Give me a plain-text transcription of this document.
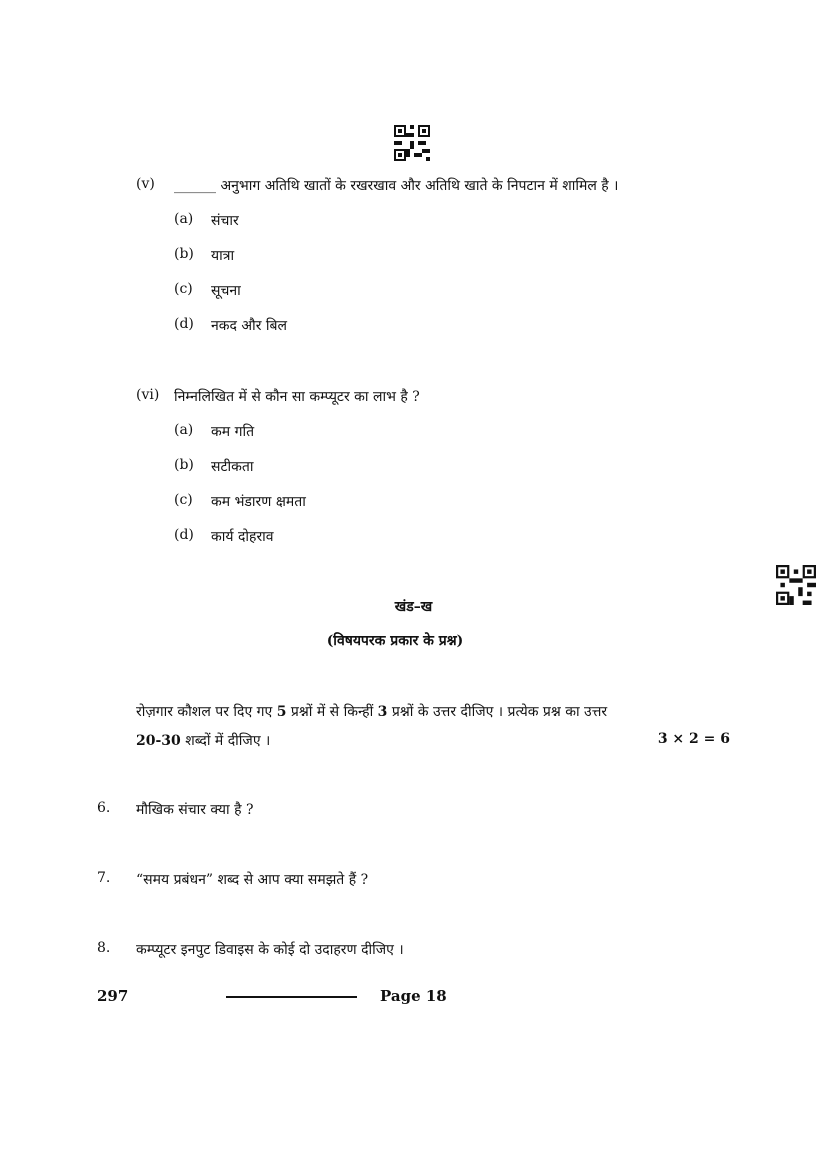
(v) ______ अनुभाग अतिथि खातों के रखरखाव और अतिथि खाते के निपटान में शामिल है ।
(a) संचार
(b) यात्रा
(c) सूचना
(d) नकद और बिल
(vi) निम्नलिखित में से कौन सा कम्प्यूटर का लाभ है ?
(a) कम गति
(b) सटीकता
(c) कम भंडारण क्षमता
(d) कार्य दोहराव
खंड–ख
(विषयपरक प्रकार के प्रश्न)
रोज़गार कौशल पर दिए गए 5 प्रश्नों में से किन्हीं 3 प्रश्नों के उत्तर दीजिए । प्रत्येक प्रश्न का उत्तर
20-30 शब्दों में दीजिए ।	3 × 2 = 6
6. मौखिक संचार क्या है ?
7. “समय प्रबंधन” शब्द से आप क्या समझते हैं ?
8. कम्प्यूटर इनपुट डिवाइस के कोई दो उदाहरण दीजिए ।
297	Page 18
